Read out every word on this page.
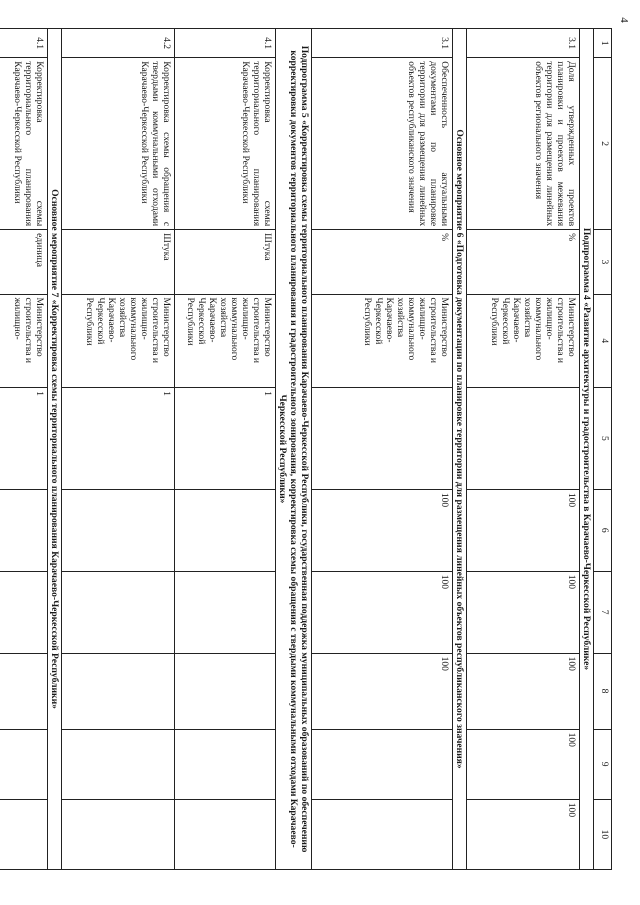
4
1	2	3	4	5	6	7	8	9	10
Подпрограмма 4 «Развитие архитектуры и градостроительства в Карачаево-Черкесской Республике»									
3.1	Доля утвержденных проектов планировки и проектов межевания территории для размещения линейных объектов регионального значения	%	Министерство строительства и жилищно-коммунального хозяйства Карачаево-Черкесской Республики		100	100	100	100	100
Основное мероприятие 6 «Подготовка документации по планировке территории для размещения линейных объектов республиканского значения»									
3.1	Обеспеченность актуальными документами по планировке территории для размещения линейных объектов республиканского значения	%	Министерство строительства и жилищно-коммунального хозяйства Карачаево-Черкесской Республики		100	100	100		
Подпрограмма 5 «Корректировка схемы территориального планирования Карачаево-Черкесской Республики, государственная поддержка муниципальных образований по обеспечению корректировки документов территориального планирования и градостроительного зонирования, корректировка схемы обращения с твердыми коммунальными отходами Карачаево-Черкесской Республики»									
4.1	Корректировка схемы территориального планирования Карачаево-Черкесской Республики	Штука	Министерство строительства и жилищно-коммунального хозяйства Карачаево-Черкесской Республики	1					
4.2	Корректировка схемы обращения с твердыми коммунальными отходами Карачаево-Черкесской Республики	Штука	Министерство строительства и жилищно-коммунального хозяйства Карачаево-Черкесской Республики	1					
Основное мероприятие 7 «Корректировка схемы территориального планирования Карачаево-Черкесской Республики»									
4.1	Корректировка схемы территориального планирования Карачаево-Черкесской Республики	единица	Министерство строительства и жилищно-	1					
